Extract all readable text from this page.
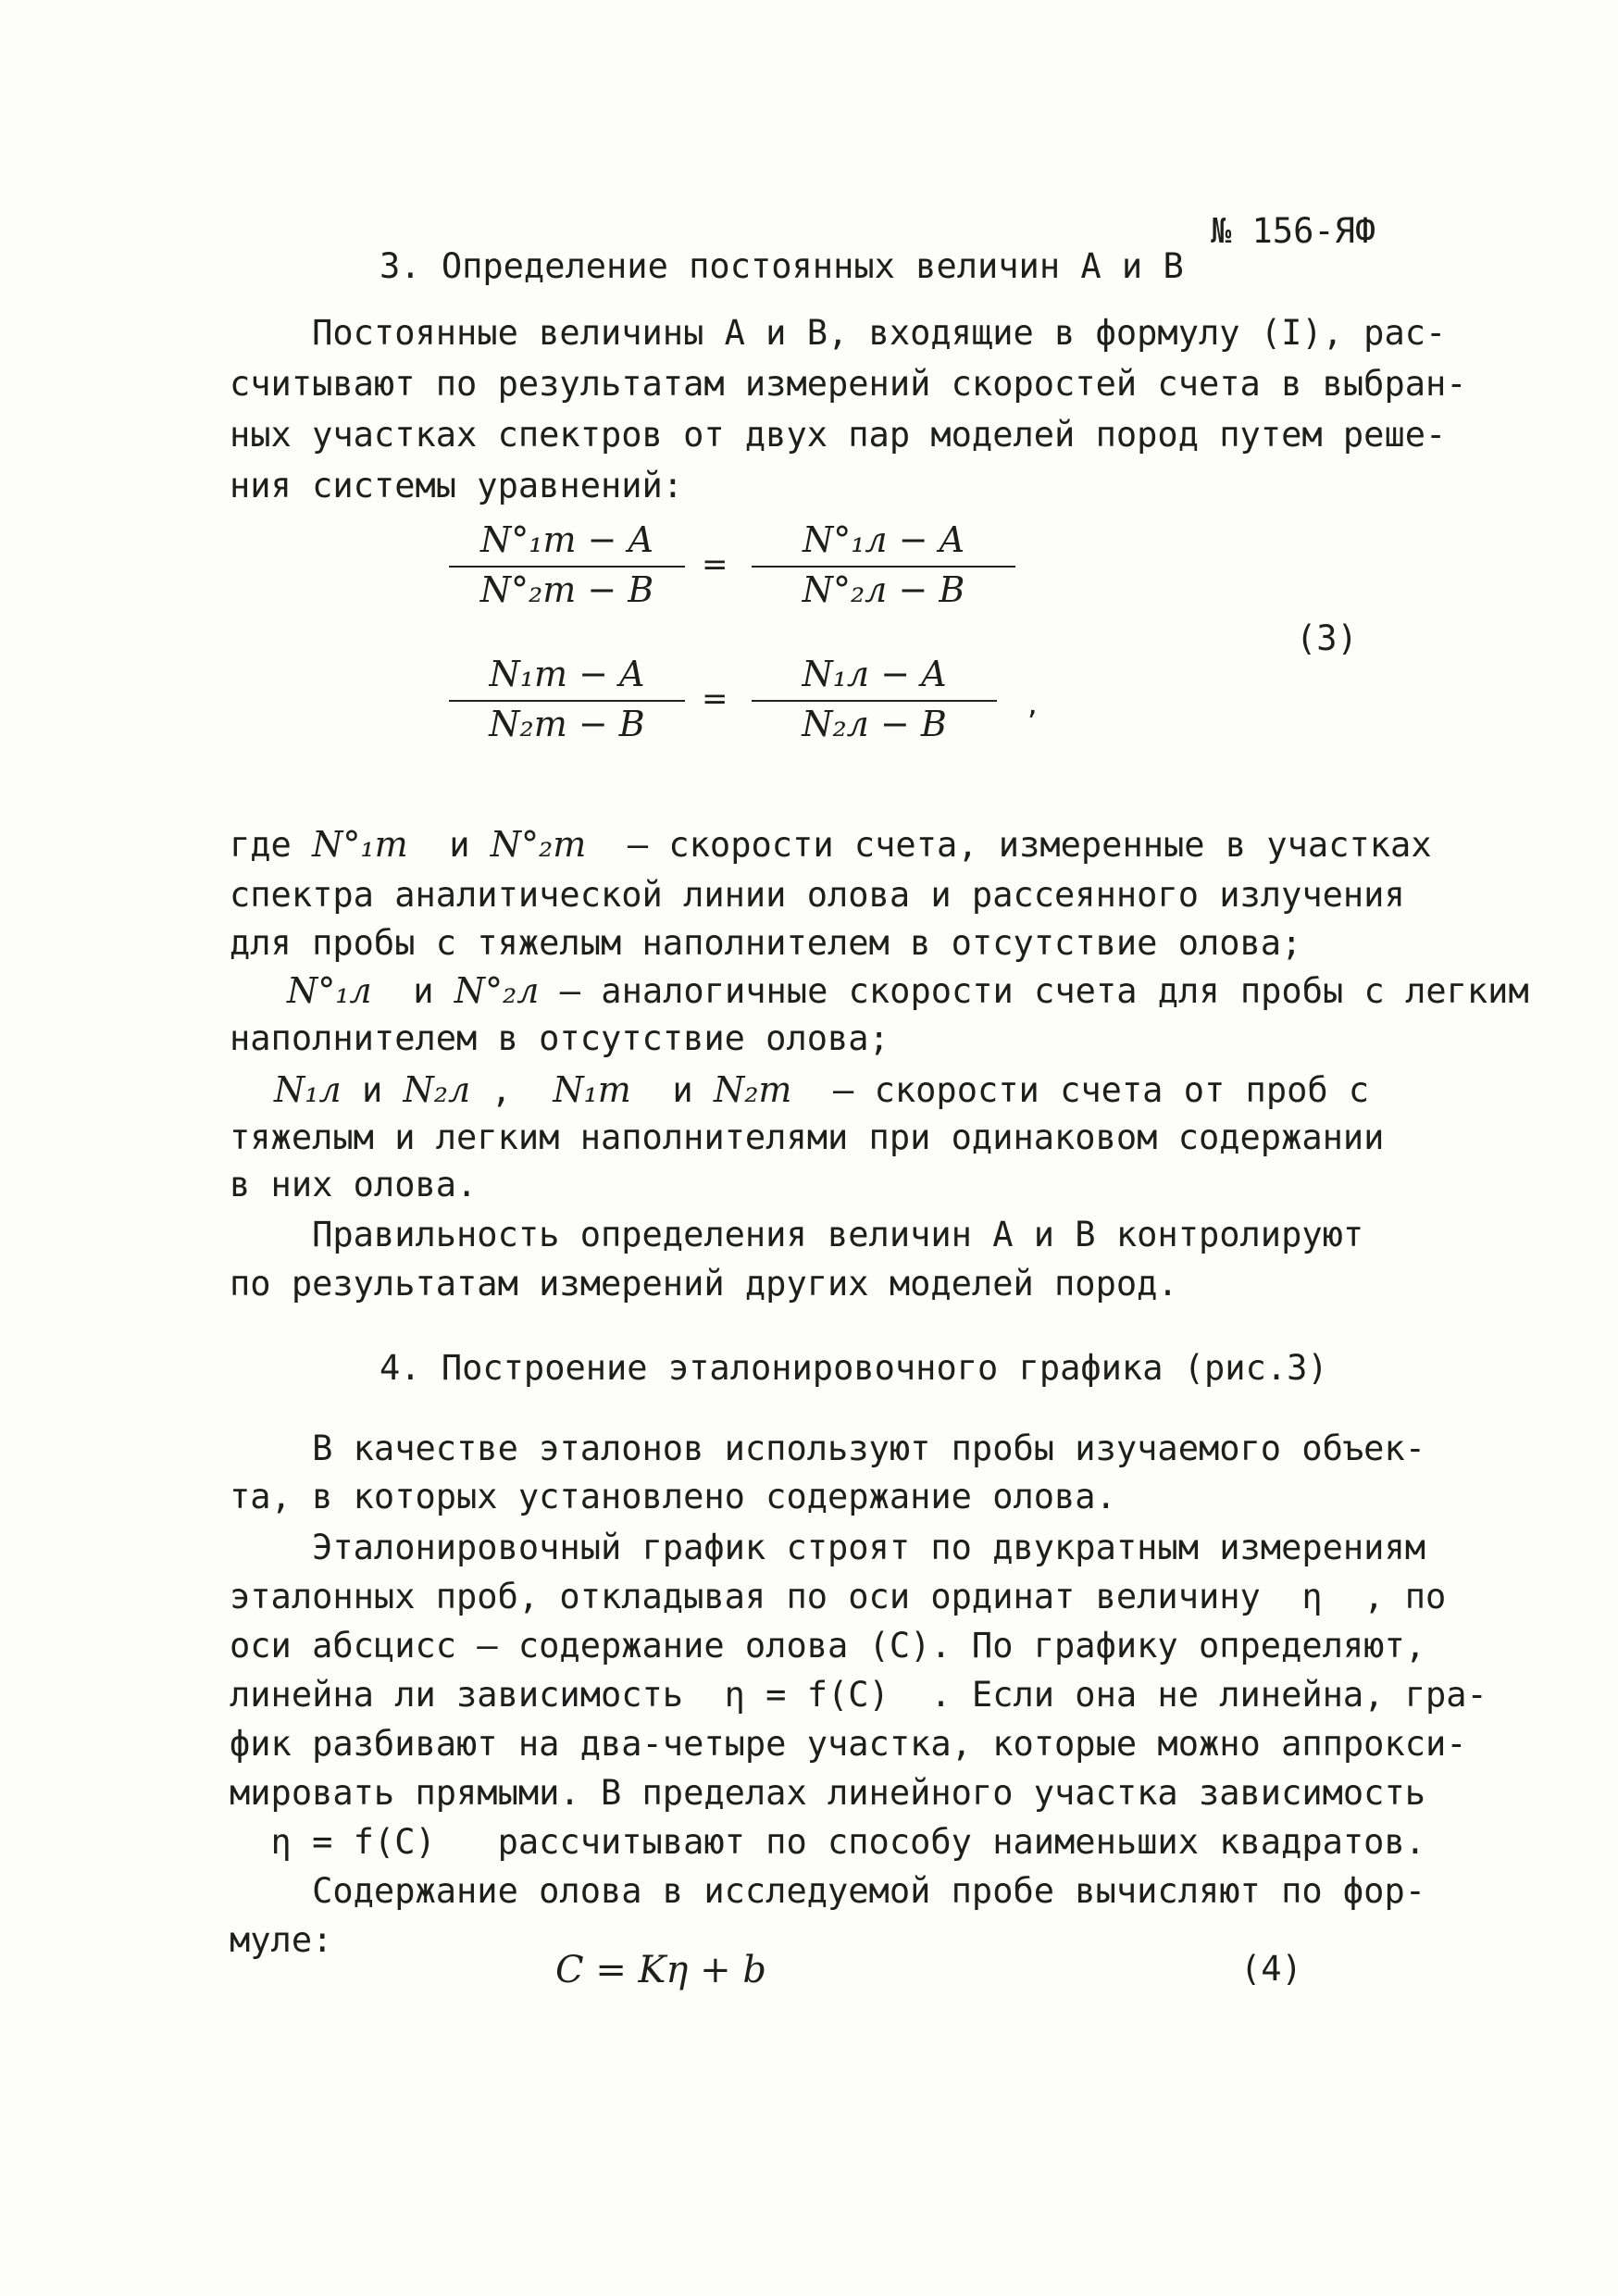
№ 156-ЯФ
3. Определение постоянных величин А и В
Постоянные величины А и В, входящие в формулу (I), рас-
считывают по результатам измерений скоростей счета в выбран-
ных участках спектров от двух пар моделей пород путем реше-
ния системы уравнений:
N°₁т − A
N°₂т − B
=
N°₁л − A
N°₂л − B
(3)
N₁т − A
N₂т − B
=
N₁л − A
N₂л − B	,
где N°₁т  и N°₂т  – скорости счета, измеренные в участках
спектра аналитической линии олова и рассеянного излучения
для пробы с тяжелым наполнителем в отсутствие олова;
N°₁л  и N°₂л – аналогичные скорости счета для пробы с легким
наполнителем в отсутствие олова;
N₁л и N₂л ,  N₁т  и N₂т  – скорости счета от проб с
тяжелым и легким наполнителями при одинаковом содержании
в них олова.
Правильность определения величин А и В контролируют
по результатам измерений других моделей пород.
4. Построение эталонировочного графика (рис.3)
В качестве эталонов используют пробы изучаемого объек-
та, в которых установлено содержание олова.
Эталонировочный график строят по двукратным измерениям
эталонных проб, откладывая по оси ординат величину  η  , по
оси абсцисс – содержание олова (С). По графику определяют,
линейна ли зависимость  η = f(C)  . Если она не линейна, гра-
фик разбивают на два-четыре участка, которые можно аппрокси-
мировать прямыми. В пределах линейного участка зависимость
η = f(C)   рассчитывают по способу наименьших квадратов.
Содержание олова в исследуемой пробе вычисляют по фор-
муле:
C = Kη + b	(4)
